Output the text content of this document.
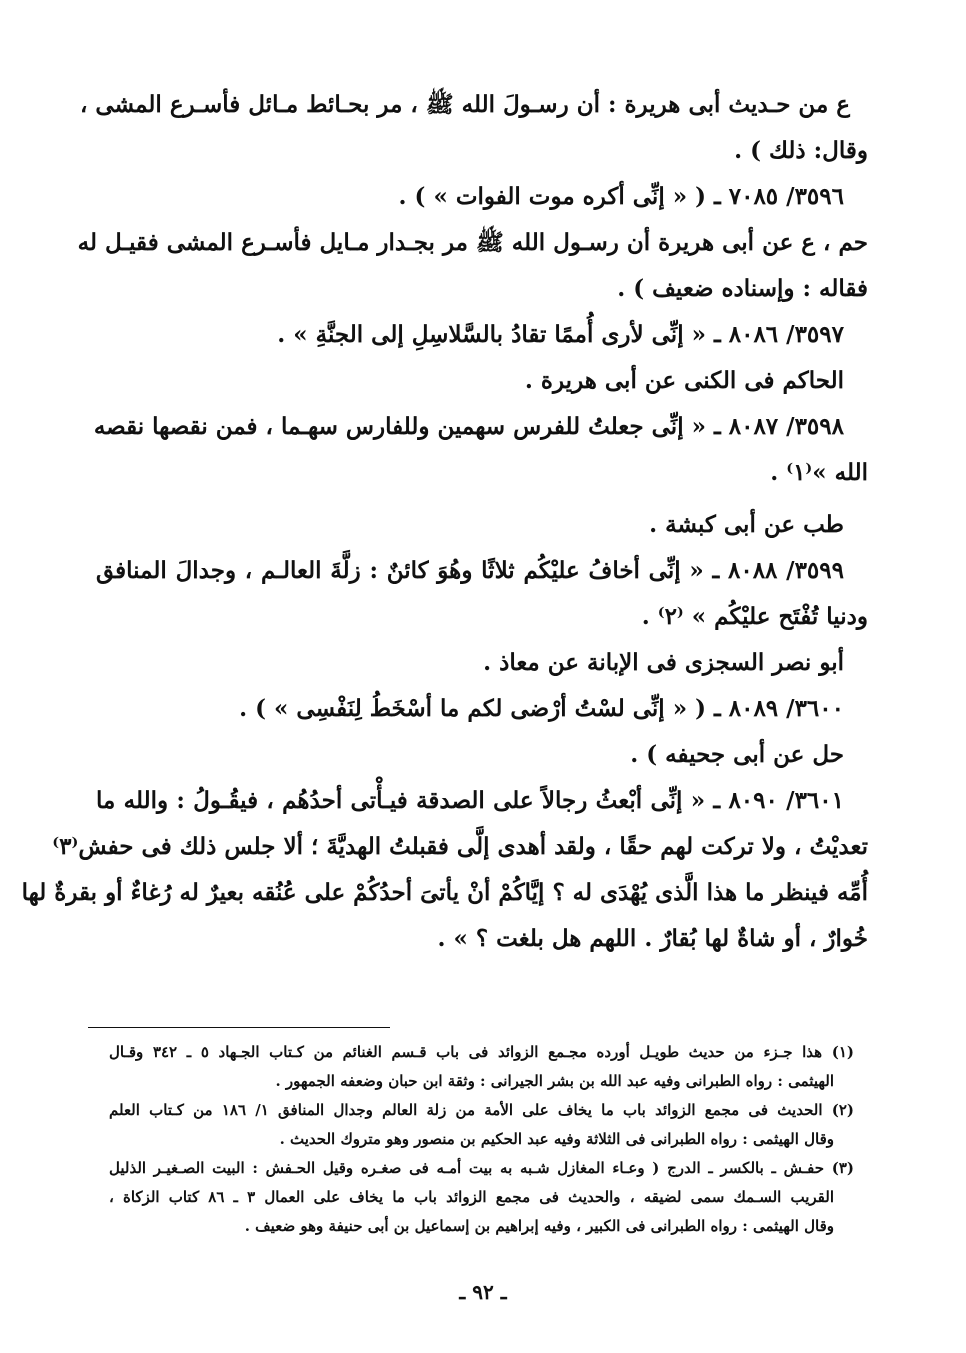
ع من حـديث أبى هريرة : أن رسـولَ الله ﷺ ، مر بحـائط مـائل فأسـرع المشى ،
وقال: ذلك ) .
٣٥٩٦/ ٧٠٨٥ ـ ( « إنِّى أكره موت الفوات » ) .
حم ، ع عن أبى هريرة أن رسـول الله ﷺ مر بجـدار مـايل فأسـرع المشى فقيـل له
فقاله : وإسناده ضعيف ) .
٣٥٩٧/ ٨٠٨٦ ـ « إنِّى لأرى أُممًا تقادُ بالسَّلاسِلِ إلى الجنَّةِ » .
الحاكم فى الكنى عن أبى هريرة .
٣٥٩٨/ ٨٠٨٧ ـ « إنِّى جعلتُ للفرس سهمين وللفارس سهـما ، فمن نقصها نقصه
الله »⁽١⁾ .
طب عن أبى كبشة .
٣٥٩٩/ ٨٠٨٨ ـ « إنِّى أخافُ عليْكُم ثلاثًا وهُوَ كائنٌ : زلَّةَ العالـم ، وجدالَ المنافق
ودنيا تُفْتَح عليْكُم » ⁽٢⁾ .
أبو نصر السجزى فى الإبانة عن معاذ .
٣٦٠٠/ ٨٠٨٩ ـ ( « إنِّى لسْتُ أرْضى لكم ما أسْخَطُ لِنَفْسِى » ) .
حل عن أبى جحيفه ) .
٣٦٠١/ ٨٠٩٠ ـ « إنِّى أبْعثُ رجالاً على الصدقة فيـأْتى أحدُهُم ، فيقُـولُ : والله ما
تعديْتُ ، ولا تركت لهم حقًا ، ولقد أهدى إلَّى فقبلتُ الهديَّةَ ؛ ألا جلس ذلك فى حفش⁽٣⁾
أُمِّه فينظر ما هذا الَّذى يُهْدَى له ؟ إيَّاكُمْ أنْ يأتىَ أحدُكُمْ على عُنُقه بعيرٌ له رُغاءٌ أو بقرةٌ لها
خُوارٌ ، أو شاةٌ لها بُقارٌ . اللهم هل بلغت ؟ » .
(١) هذا جـزء من حديث طويـل أورده مجـمع الزوائد فى باب قـسم الغنائم من كـتاب الجـهاد ٥ ـ ٣٤٢ وقـال
الهيثمى : رواه الطبرانى وفيه عبد الله بن بشر الجيرانى : وثقة ابن حبان وضعفه الجمهور .
(٢) الحديث فى مجمع الزوائد باب ما يخاف على الأمة من زلة العالم وجدال المنافق ١/ ١٨٦ من كـتاب العلم
وقال الهيثمى : رواه الطبرانى فى الثلاثة وفيه عبد الحكيم بن منصور وهو متروك الحديث .
(٣) حفـش ـ بالكسر ـ الدرج ( وعـاء المغازل شـبه به بيت أمـه فى صغـره وقيل الحـفش : البيت الصـغيـر الذليل
القريب السـمك سمى لضيقه ، والحديث فى مجمع الزوائد باب ما يخاف على العمال ٣ ـ ٨٦ كتاب الزكاة ،
وقال الهيثمى : رواه الطبرانى فى الكبير ، وفيه إبراهيم بن إسماعيل بن أبى حنيفة وهو ضعيف .
ـ ٩٢ ـ
